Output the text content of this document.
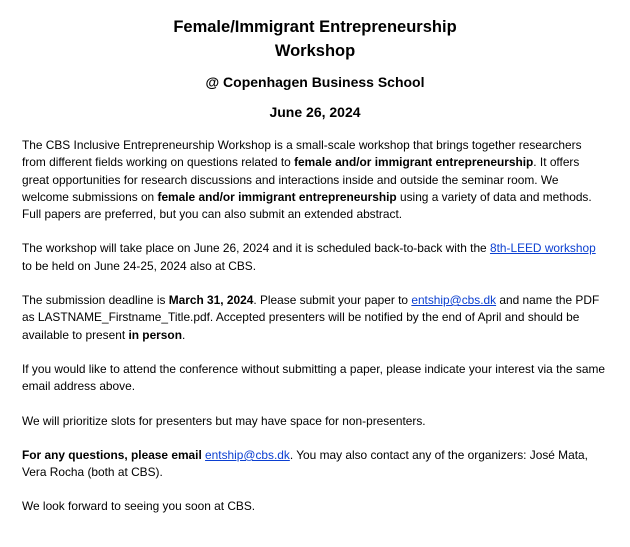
Female/Immigrant Entrepreneurship
Workshop
@ Copenhagen Business School
June 26, 2024

The CBS Inclusive Entrepreneurship Workshop is a small-scale workshop that brings together researchers from different fields working on questions related to female and/or immigrant entrepreneurship. It offers great opportunities for research discussions and interactions inside and outside the seminar room. We welcome submissions on female and/or immigrant entrepreneurship using a variety of data and methods. Full papers are preferred, but you can also submit an extended abstract.

The workshop will take place on June 26, 2024 and it is scheduled back-to-back with the 8th-LEED workshop to be held on June 24-25, 2024 also at CBS.

The submission deadline is March 31, 2024. Please submit your paper to entship@cbs.dk and name the PDF as LASTNAME_Firstname_Title.pdf. Accepted presenters will be notified by the end of April and should be available to present in person.

If you would like to attend the conference without submitting a paper, please indicate your interest via the same email address above.

We will prioritize slots for presenters but may have space for non-presenters.

For any questions, please email entship@cbs.dk. You may also contact any of the organizers: José Mata, Vera Rocha (both at CBS).

We look forward to seeing you soon at CBS.
